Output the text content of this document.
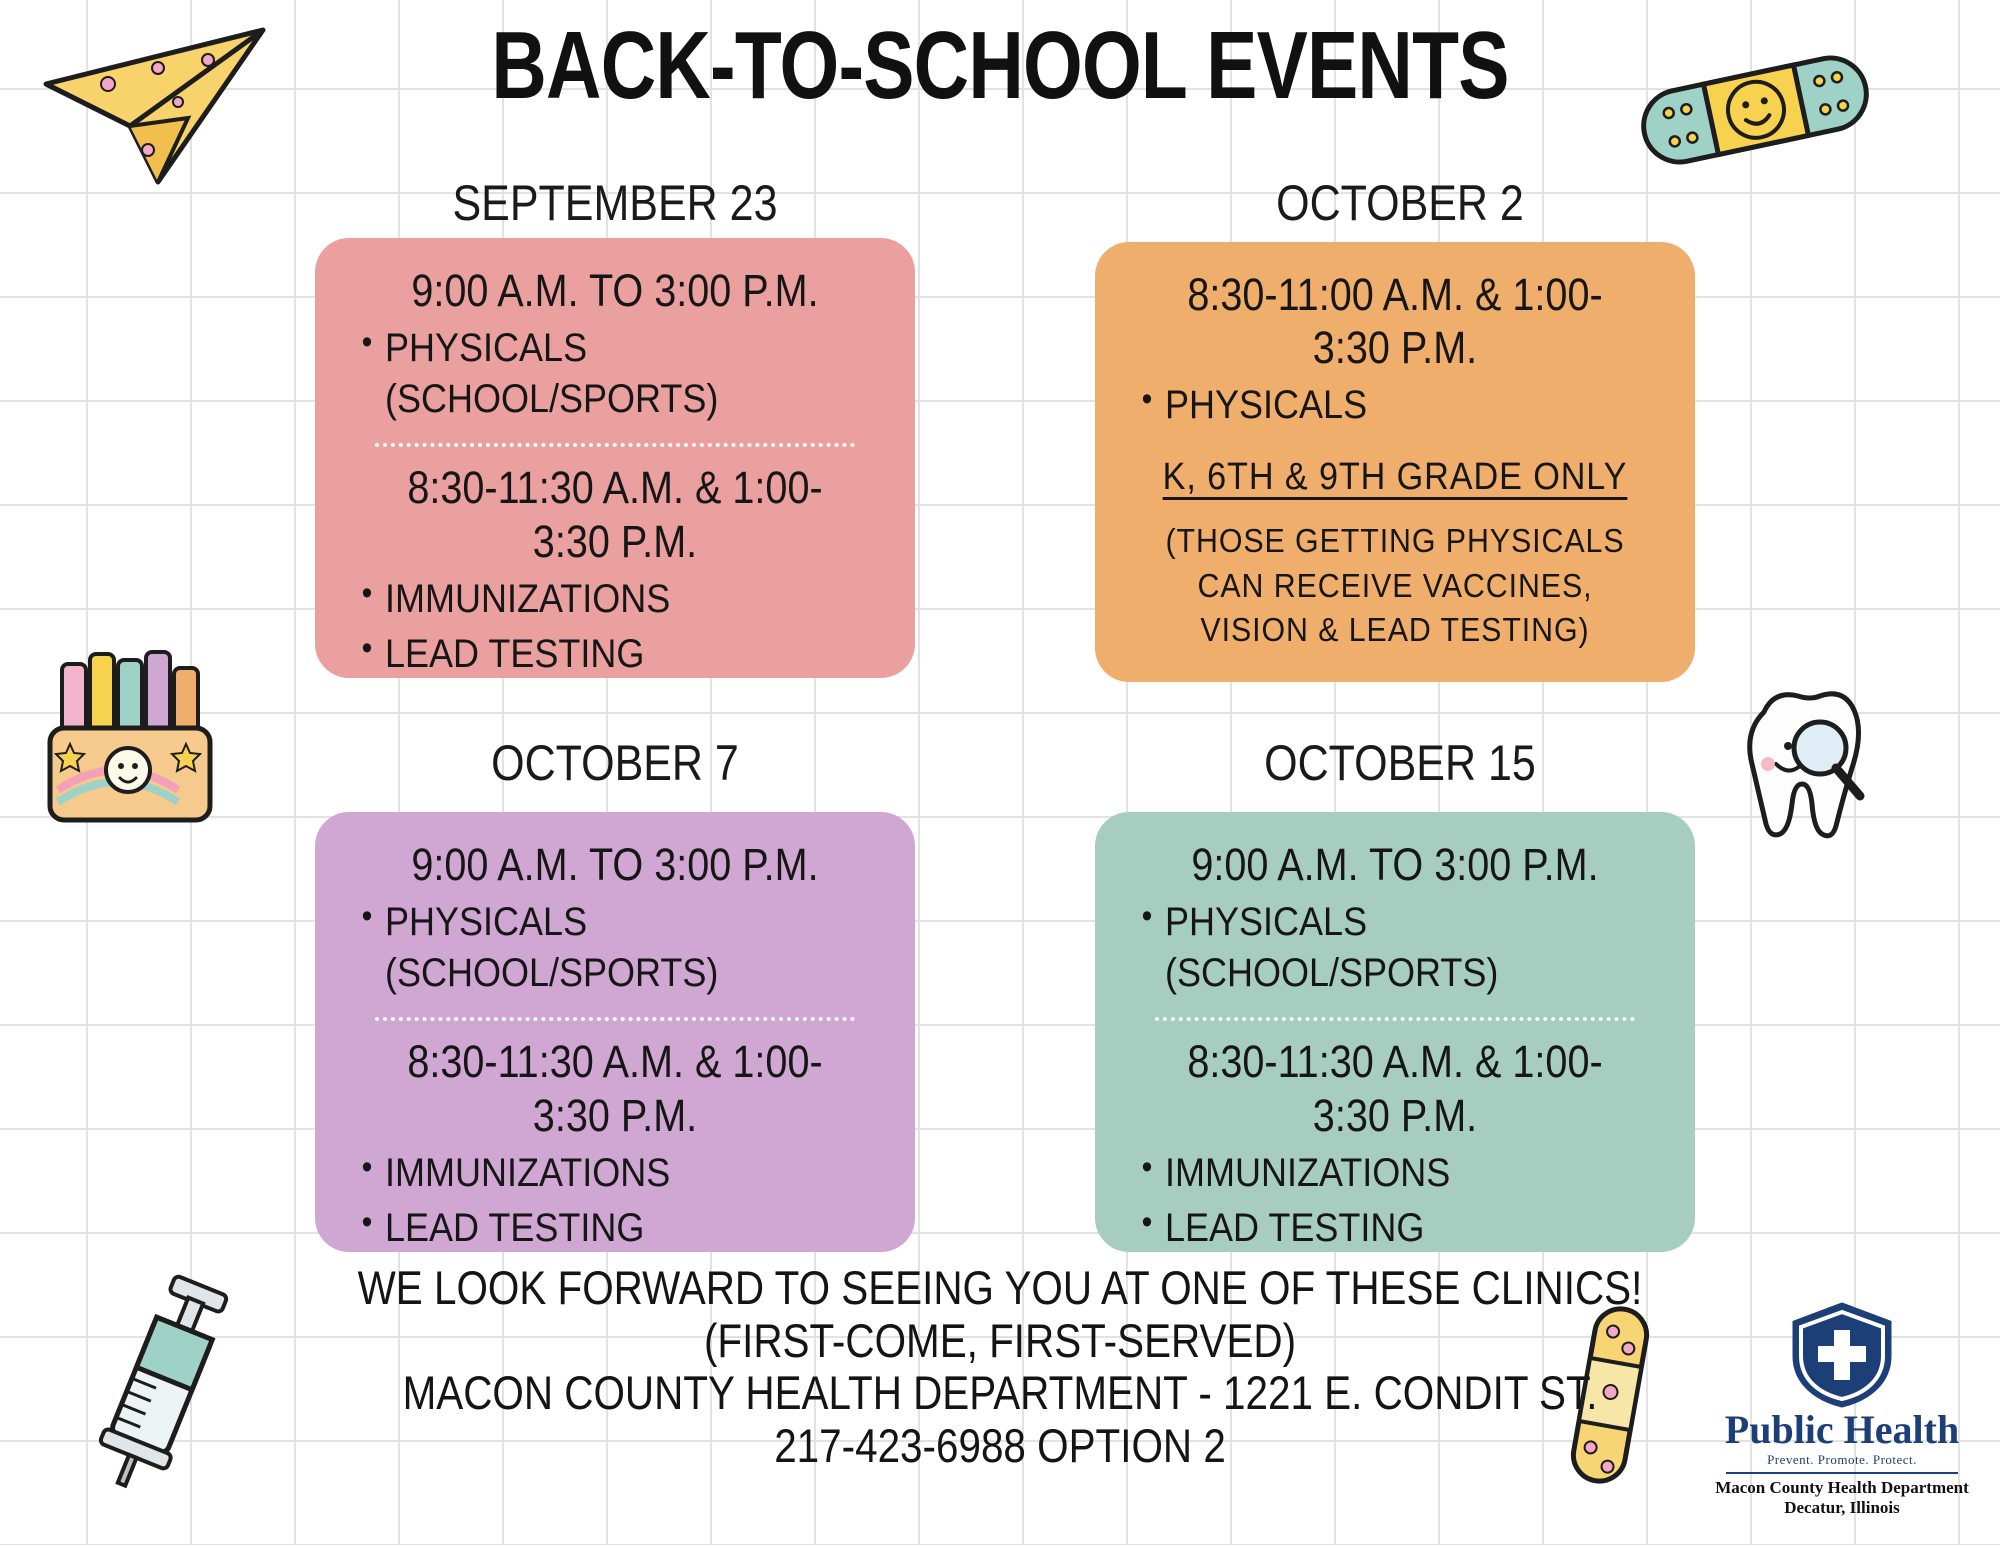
BACK-TO-SCHOOL EVENTS
SEPTEMBER 23
9:00 A.M. TO 3:00 P.M.
• PHYSICALS (SCHOOL/SPORTS)
8:30-11:30 A.M. & 1:00-3:30 P.M.
• IMMUNIZATIONS
• LEAD TESTING
OCTOBER 2
8:30-11:00 A.M. & 1:00-3:30 P.M.
• PHYSICALS
K, 6TH & 9TH GRADE ONLY
(THOSE GETTING PHYSICALS
CAN RECEIVE VACCINES,
VISION & LEAD TESTING)
OCTOBER 7
9:00 A.M. TO 3:00 P.M.
• PHYSICALS (SCHOOL/SPORTS)
8:30-11:30 A.M. & 1:00-3:30 P.M.
• IMMUNIZATIONS
• LEAD TESTING
OCTOBER 15
9:00 A.M. TO 3:00 P.M.
• PHYSICALS (SCHOOL/SPORTS)
8:30-11:30 A.M. & 1:00-3:30 P.M.
• IMMUNIZATIONS
• LEAD TESTING
WE LOOK FORWARD TO SEEING YOU AT ONE OF THESE CLINICS!
(FIRST-COME, FIRST-SERVED)
MACON COUNTY HEALTH DEPARTMENT - 1221 E. CONDIT ST.
217-423-6988 OPTION 2	Public Health
Prevent. Promote. Protect.
Macon County Health Department
Decatur, Illinois
